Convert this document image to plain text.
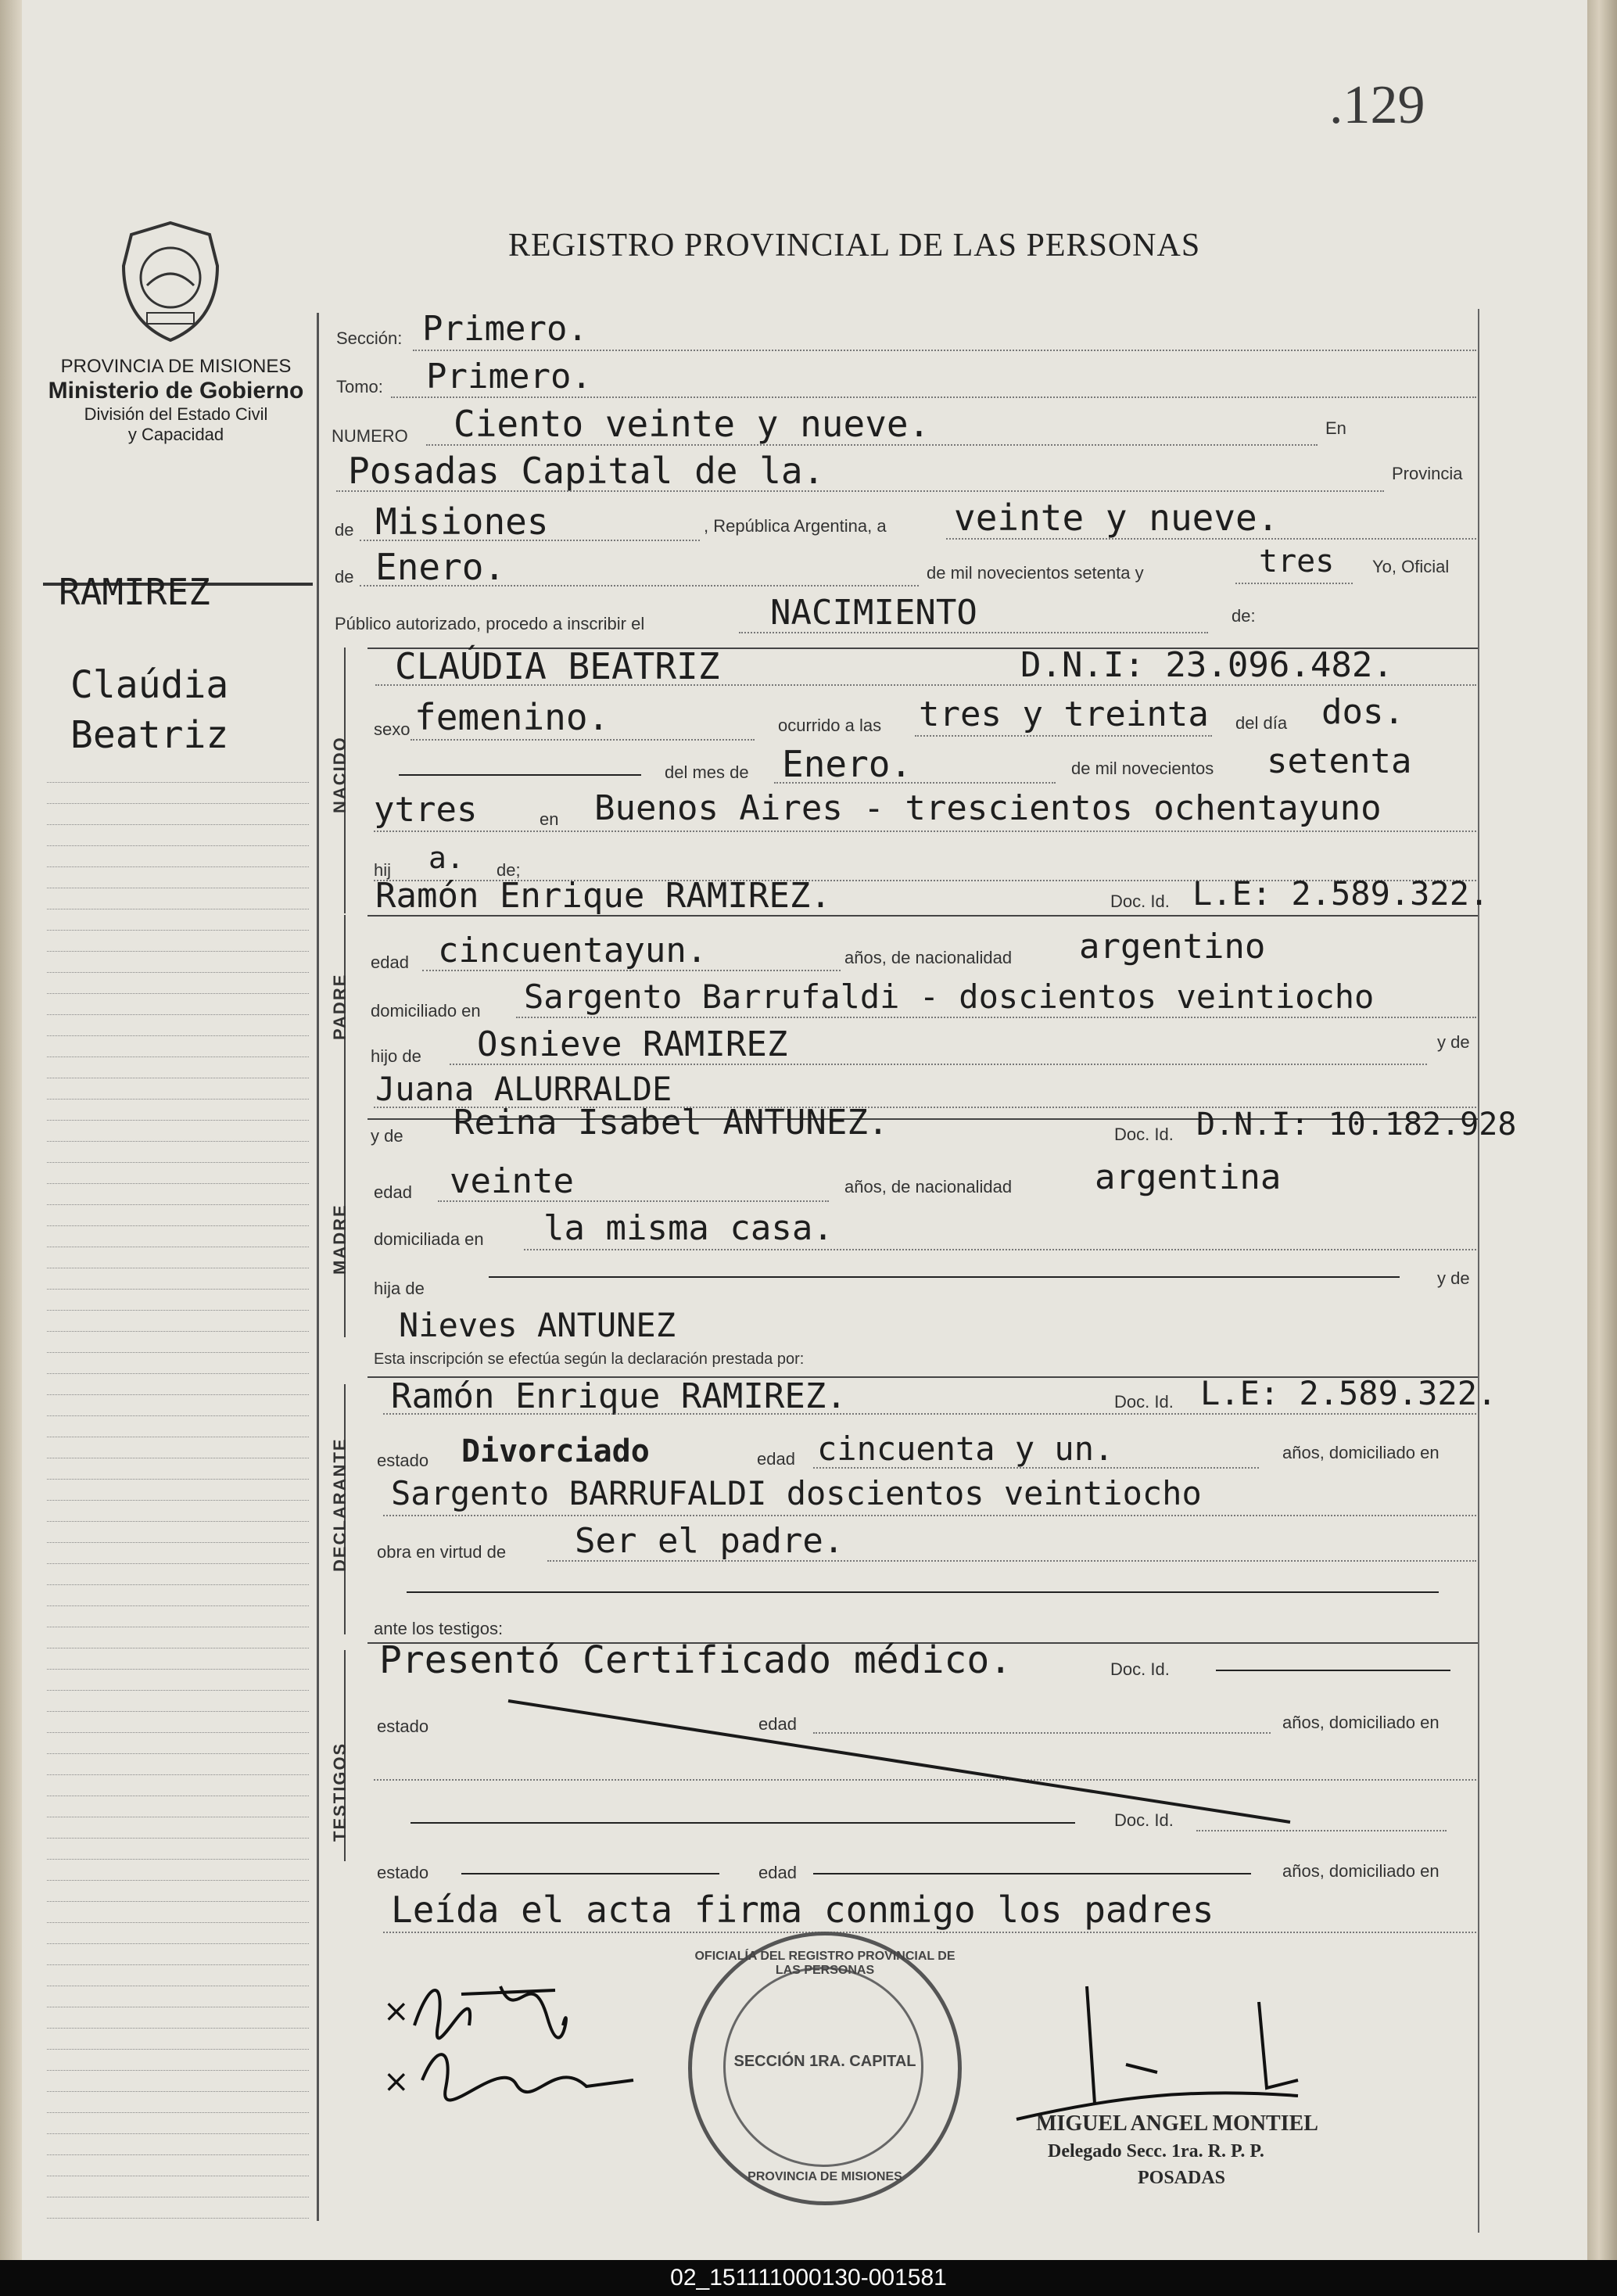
.129
REGISTRO PROVINCIAL DE LAS PERSONAS
PROVINCIA DE MISIONES
Ministerio de Gobierno
División del Estado Civil
y Capacidad
RAMIREZ
Claúdia
Beatriz
Sección: Primero.
Tomo: Primero.
NUMERO Ciento veinte y nueve.	En
Posadas Capital de la.	Provincia
de Misiones	, República Argentina, a veinte y nueve.
de Enero.	de mil novecientos setenta y	tres Yo, Oficial
Público autorizado, procedo a inscribir el	NACIMIENTO	de:
NACIDO
CLAÚDIA BEATRIZ	D.N.I: 23.096.482.
sexo femenino.	ocurrido a las tres y treinta del día dos.
del mes de Enero.	de mil novecientos setenta
ytres	en Buenos Aires - trescientos ochentayuno
hij a. de;
PADRE
Ramón Enrique RAMIREZ.	Doc. Id. L.E: 2.589.322.
edad cincuentayun.	años, de nacionalidad argentino
domiciliado en Sargento Barrufaldi - doscientos veintiocho
hijo de Osnieve RAMIREZ	y de
Juana ALURRALDE
y de Reina Isabel ANTUNEZ.	Doc. Id. D.N.I: 10.182.928
MADRE
edad veinte	años, de nacionalidad argentina
domiciliada en la misma casa.
hija de
y de
Nieves ANTUNEZ
Esta inscripción se efectúa según la declaración prestada por:
DECLARANTE
Ramón Enrique RAMIREZ.	Doc. Id. L.E: 2.589.322.
estado Divorciado	edad cincuenta y un.	años, domiciliado en
Sargento BARRUFALDI doscientos veintiocho
obra en virtud de Ser el padre.
ante los testigos:
TESTIGOS
Presentó Certificado médico.	Doc. Id.
estado	edad	años, domiciliado en
Doc. Id.
estado	edad	años, domiciliado en
Leída el acta firma conmigo los padres
×
×
OFICIALÍA DEL REGISTRO PROVINCIAL DE LAS PERSONAS
SECCIÓN 1RA. CAPITAL
PROVINCIA DE MISIONES
MIGUEL ANGEL MONTIEL
Delegado Secc. 1ra. R. P. P.
POSADAS
02_151111000130-001581
